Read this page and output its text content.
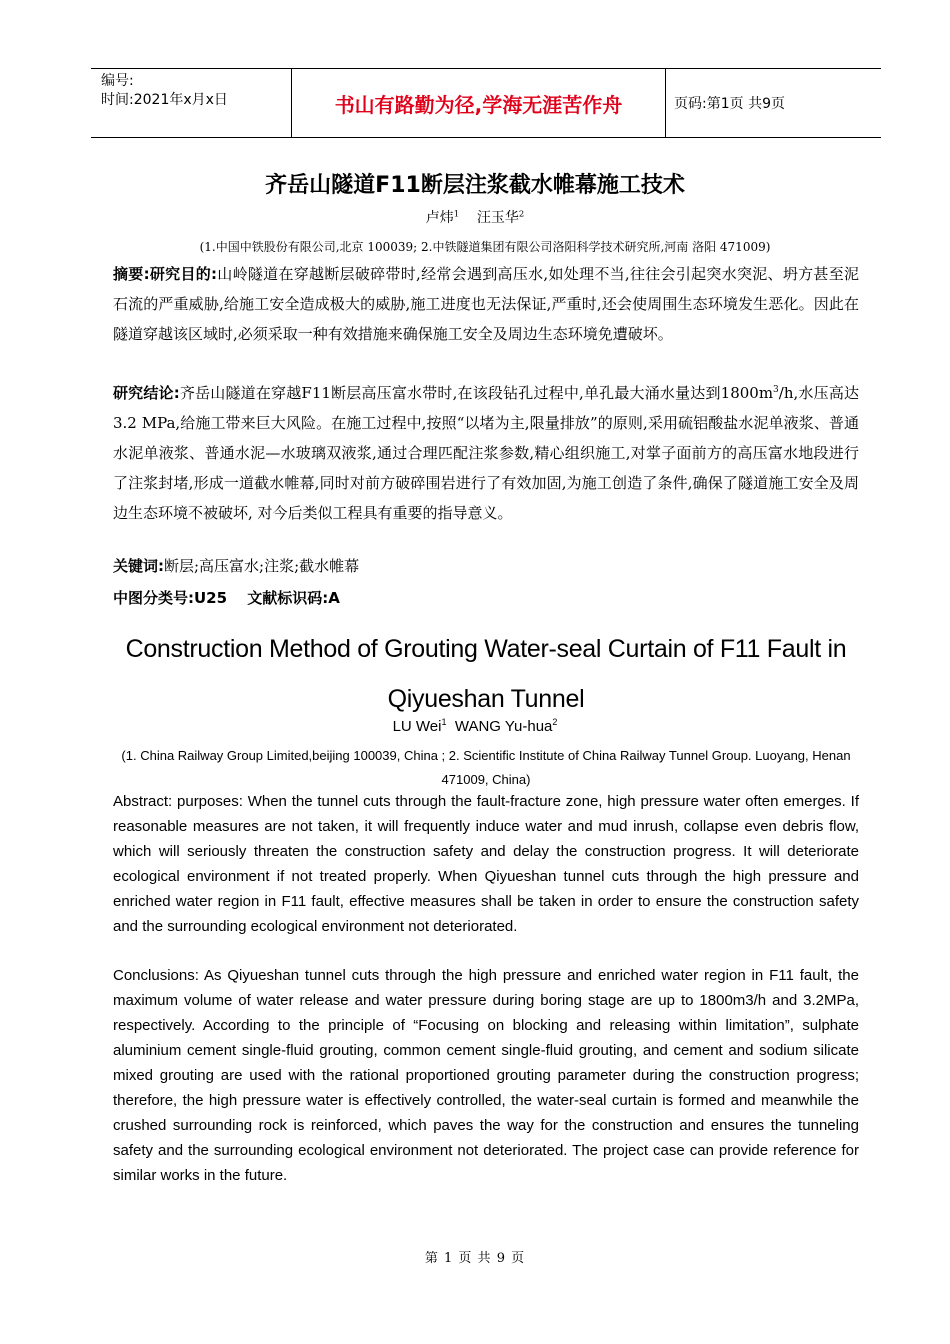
编号:
时间:2021年x月x日	书山有路勤为径,学海无涯苦作舟	页码:第1页 共9页
齐岳山隧道F11断层注浆截水帷幕施工技术
卢炜$^1$ 汪玉华$^2$
(1.中国中铁股份有限公司,北京 100039; 2.中铁隧道集团有限公司洛阳科学技术研究所,河南 洛阳 471009)
摘要:研究目的:山岭隧道在穿越断层破碎带时,经常会遇到高压水,如处理不当,往往会引起突水突泥、坍方甚至泥石流的严重威胁,给施工安全造成极大的威胁,施工进度也无法保证,严重时,还会使周围生态环境发生恶化。因此在隧道穿越该区域时,必须采取一种有效措施来确保施工安全及周边生态环境免遭破坏。
研究结论:齐岳山隧道在穿越F11断层高压富水带时,在该段钻孔过程中,单孔最大涌水量达到$1800m^3/h$,水压高达3.2 MPa,给施工带来巨大风险。在施工过程中,按照“以堵为主,限量排放”的原则,采用硫铝酸盐水泥单液浆、普通水泥单液浆、普通水泥—水玻璃双液浆,通过合理匹配注浆参数,精心组织施工,对掌子面前方的高压富水地段进行了注浆封堵,形成一道截水帷幕,同时对前方破碎围岩进行了有效加固,为施工创造了条件,确保了隧道施工安全及周边生态环境不被破坏, 对今后类似工程具有重要的指导意义。
关键词:断层;高压富水;注浆;截水帷幕
中图分类号:U25　 文献标识码:A
Construction Method of Grouting Water-seal Curtain of F11 Fault in Qiyueshan Tunnel
LU Wei$^1$ WANG Yu-hua$^2$
(1. China Railway Group Limited,beijing 100039, China ; 2. Scientific Institute of China Railway Tunnel Group. Luoyang, Henan 471009, China)
Abstract: purposes: When the tunnel cuts through the fault-fracture zone, high pressure water often emerges. If reasonable measures are not taken, it will frequently induce water and mud inrush, collapse even debris flow, which will seriously threaten the construction safety and delay the construction progress. It will deteriorate ecological environment if not treated properly. When Qiyueshan tunnel cuts through the high pressure and enriched water region in F11 fault, effective measures shall be taken in order to ensure the construction safety and the surrounding ecological environment not deteriorated.
Conclusions: As Qiyueshan tunnel cuts through the high pressure and enriched water region in F11 fault, the maximum volume of water release and water pressure during boring stage are up to 1800m3/h and 3.2MPa, respectively. According to the principle of “Focusing on blocking and releasing within limitation”, sulphate aluminium cement single-fluid grouting, common cement single-fluid grouting, and cement and sodium silicate mixed grouting are used with the rational proportioned grouting parameter during the construction progress; therefore, the high pressure water is effectively controlled, the water-seal curtain is formed and meanwhile the crushed surrounding rock is reinforced, which paves the way for the construction and ensures the tunneling safety and the surrounding ecological environment not deteriorated. The project case can provide reference for similar works in the future.
第 1 页 共 9 页
